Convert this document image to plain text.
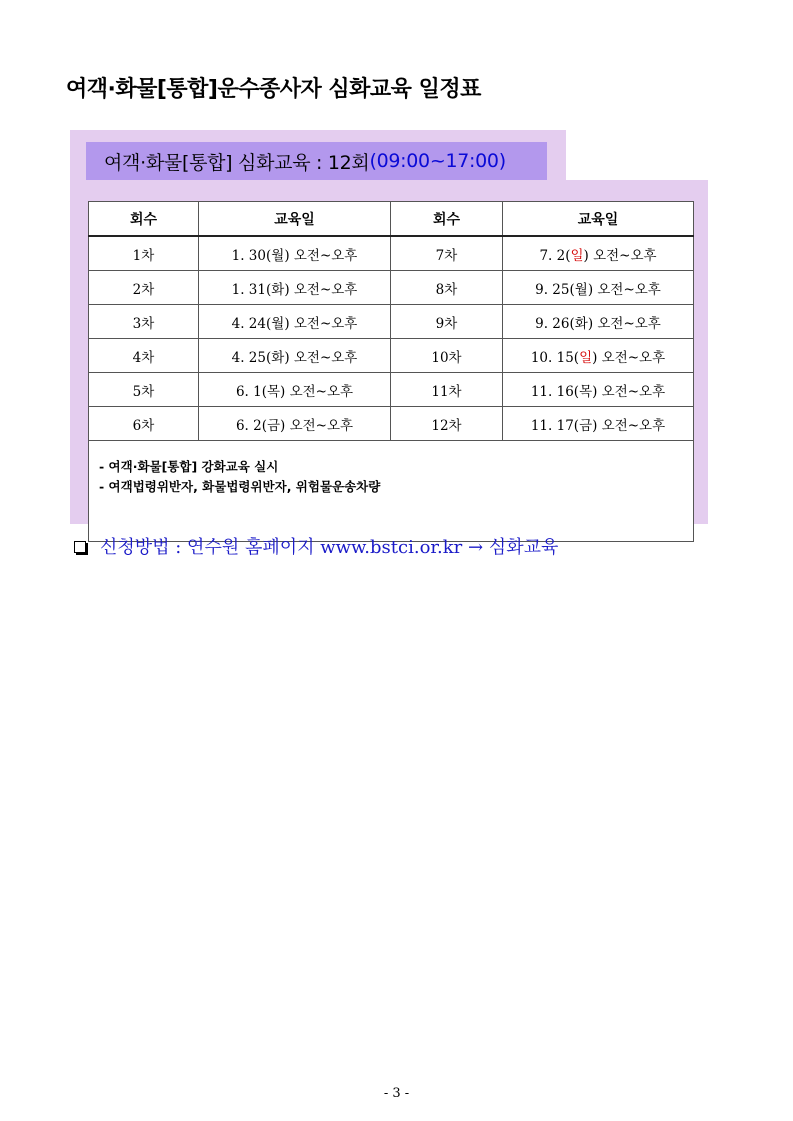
여객·화물[통합]운수종사자 심화교육 일정표
여객·화물[통합] 심화교육 : 12회 (09:00~17:00)
회수	교육일	회수	교육일
1차	1. 30(월) 오전~오후	7차	7. 2(일) 오전~오후
2차	1. 31(화) 오전~오후	8차	9. 25(월) 오전~오후
3차	4. 24(월) 오전~오후	9차	9. 26(화) 오전~오후
4차	4. 25(화) 오전~오후	10차	10. 15(일) 오전~오후
5차	6. 1(목) 오전~오후	11차	11. 16(목) 오전~오후
6차	6. 2(금) 오전~오후	12차	11. 17(금) 오전~오후

- 여객·화물[통합] 강화교육 실시
- 여객법령위반자, 화물법령위반자, 위험물운송차량			
신청방법 : 연수원 홈페이지 www.bstci.or.kr → 심화교육
- 3 -
